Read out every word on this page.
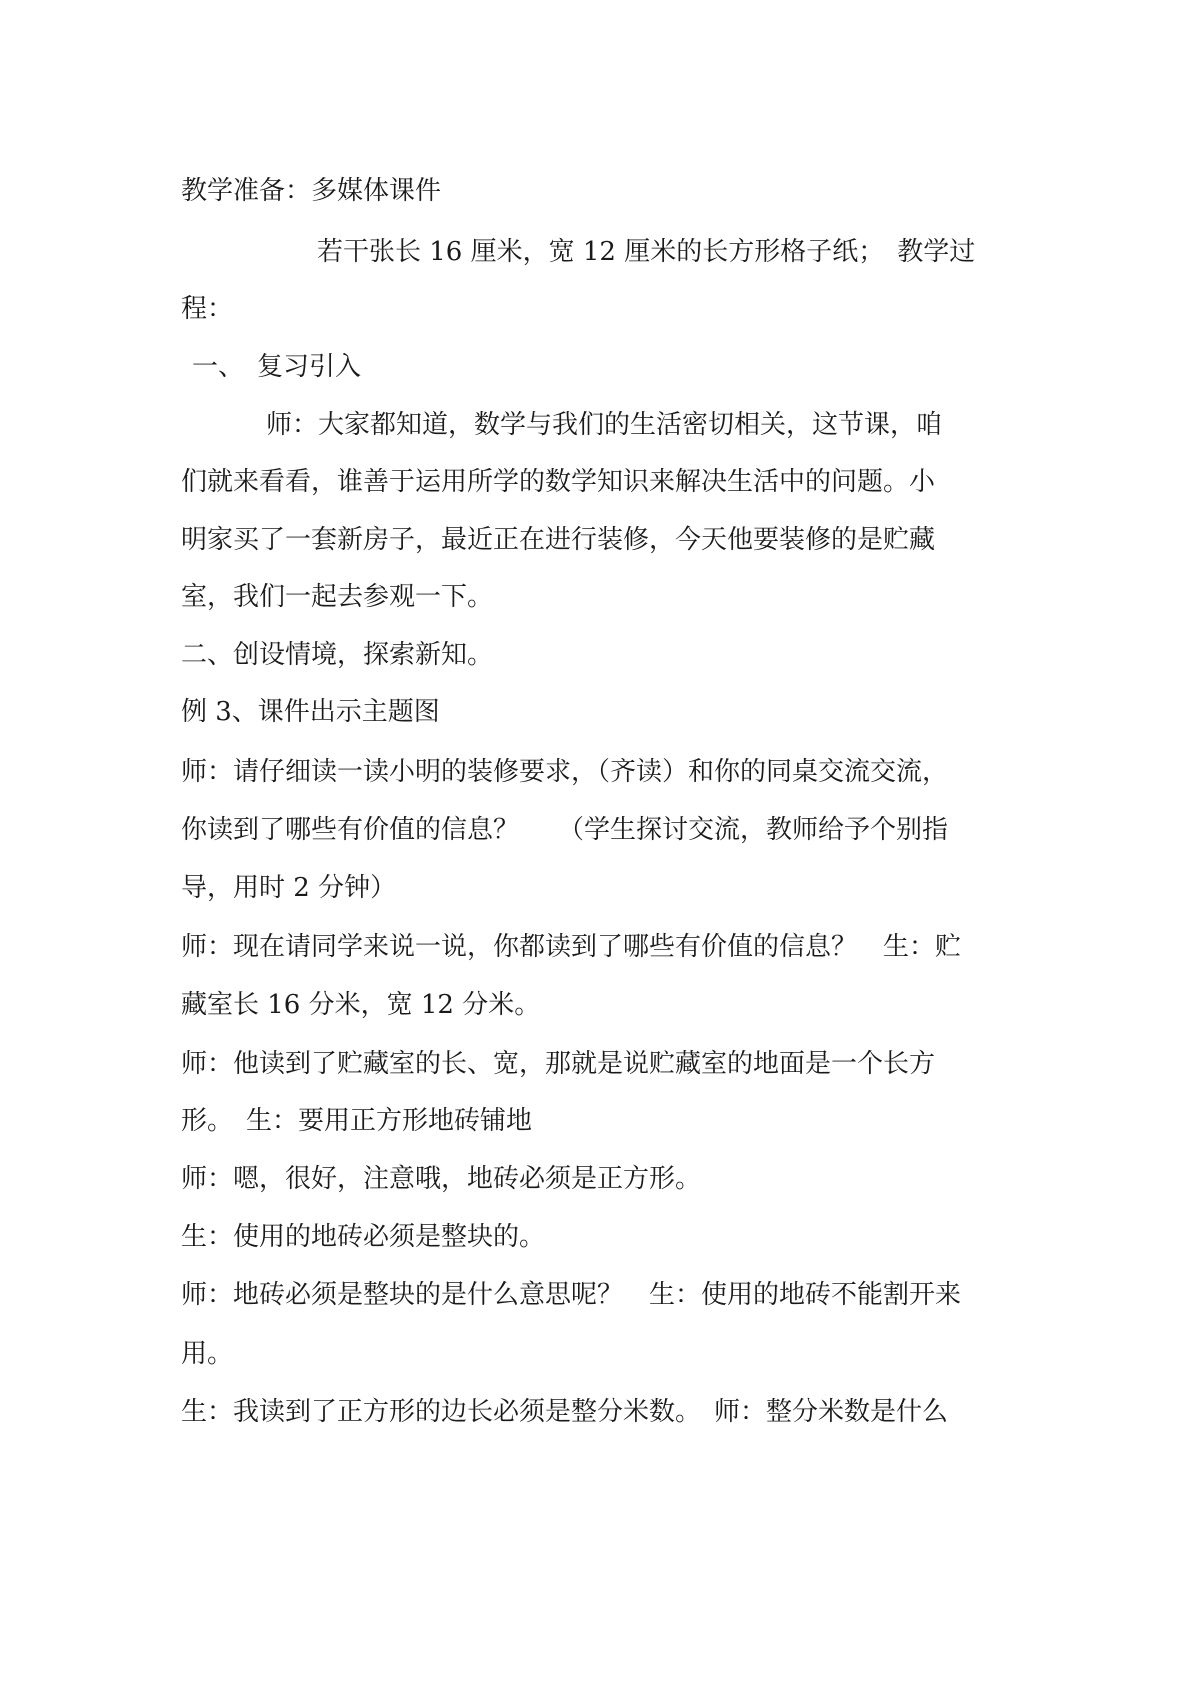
教学准备：多媒体课件
若干张长 16 厘米，宽 12 厘米的长方形格子纸；　教学过
程：
一、　复习引入
师：大家都知道，数学与我们的生活密切相关，这节课，咱
们就来看看，谁善于运用所学的数学知识来解决生活中的问题。小
明家买了一套新房子，最近正在进行装修，今天他要装修的是贮藏
室，我们一起去参观一下。
二、创设情境，探索新知。
例 3、课件出示主题图
师：请仔细读一读小明的装修要求，（齐读）和你的同桌交流交流，
你读到了哪些有价值的信息？　　（学生探讨交流，教师给予个别指
导，用时 2 分钟）
师：现在请同学来说一说，你都读到了哪些有价值的信息？　生：贮
藏室长 16 分米，宽 12 分米。
师：他读到了贮藏室的长、宽，那就是说贮藏室的地面是一个长方
形。　生：要用正方形地砖铺地
师：嗯，很好，注意哦，地砖必须是正方形。
生：使用的地砖必须是整块的。
师：地砖必须是整块的是什么意思呢？　生：使用的地砖不能割开来
用。
生：我读到了正方形的边长必须是整分米数。　师：整分米数是什么
